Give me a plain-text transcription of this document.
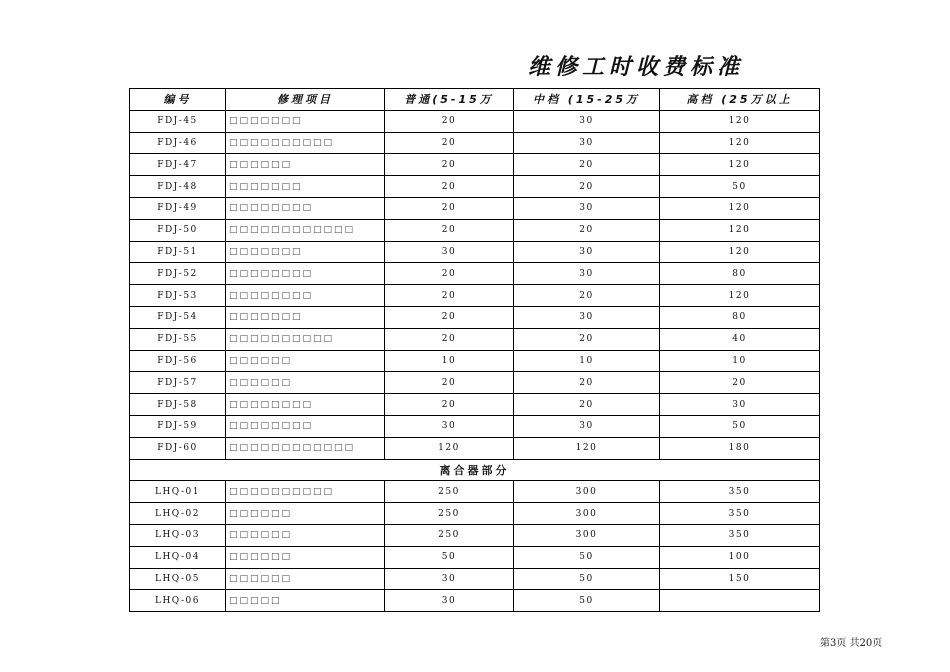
维修工时收费标准
编号	修理项目	普通(5-15万	中档 (15-25万	高档 (25万以上
FDJ-45	□□□□□□□	20	30	120
FDJ-46	□□□□□□□□□□	20	30	120
FDJ-47	□□□□□□	20	20	120
FDJ-48	□□□□□□□	20	20	50
FDJ-49	□□□□□□□□	20	30	120
FDJ-50	□□□□□□□□□□□□	20	20	120
FDJ-51	□□□□□□□	30	30	120
FDJ-52	□□□□□□□□	20	30	80
FDJ-53	□□□□□□□□	20	20	120
FDJ-54	□□□□□□□	20	30	80
FDJ-55	□□□□□□□□□□	20	20	40
FDJ-56	□□□□□□	10	10	10
FDJ-57	□□□□□□	20	20	20
FDJ-58	□□□□□□□□	20	20	30
FDJ-59	□□□□□□□□	30	30	50
FDJ-60	□□□□□□□□□□□□	120	120	180
离合器部分				
LHQ-01	□□□□□□□□□□	250	300	350
LHQ-02	□□□□□□	250	300	350
LHQ-03	□□□□□□	250	300	350
LHQ-04	□□□□□□	50	50	100
LHQ-05	□□□□□□	30	50	150
LHQ-06	□□□□□	30	50	
第3页 共20页
